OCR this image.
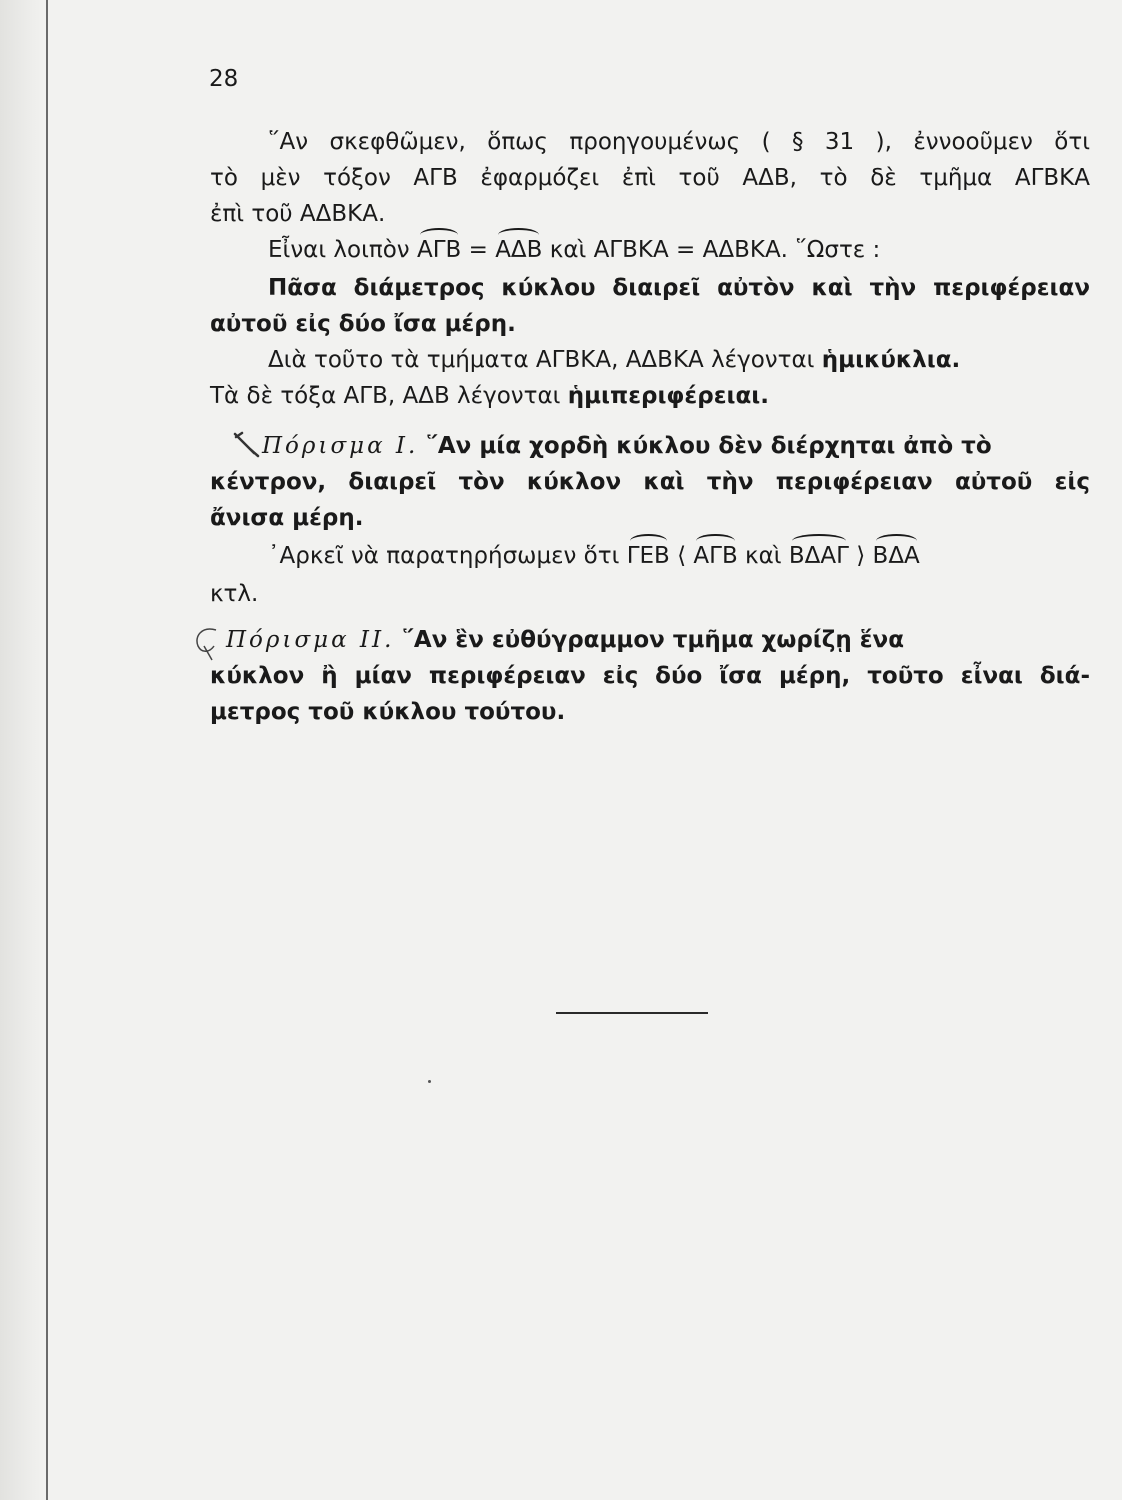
28
῞Αν σκεφθῶμεν, ὅπως προηγουμένως ( § 31 ), ἐννοοῦμεν ὅτι
τὸ μὲν τόξον ΑΓΒ ἐφαρμόζει ἐπὶ τοῦ ΑΔΒ, τὸ δὲ τμῆμα ΑΓΒΚΑ
ἐπὶ τοῦ ΑΔΒΚΑ.
Εἶναι λοιπὸν ΑΓΒ = ΑΔΒ καὶ ΑΓΒΚΑ = ΑΔΒΚΑ. ῞Ωστε :
Πᾶσα διάμετρος κύκλου διαιρεῖ αὐτὸν καὶ τὴν περιφέρειαν
αὐτοῦ εἰς δύο ἴσα μέρη.
Διὰ τοῦτο τὰ τμήματα ΑΓΒΚΑ, ΑΔΒΚΑ λέγονται ἡμικύκλια.
Τὰ δὲ τόξα ΑΓΒ, ΑΔΒ λέγονται ἡμιπεριφέρειαι.
Πόρισμα Ι. ῞Αν μία χορδὴ κύκλου δὲν διέρχηται ἀπὸ τὸ
κέντρον, διαιρεῖ τὸν κύκλον καὶ τὴν περιφέρειαν αὐτοῦ εἰς
ἄνισα μέρη.
᾿Αρκεῖ νὰ παρατηρήσωμεν ὅτι ΓΕΒ ⟨ ΑΓΒ καὶ ΒΔΑΓ ⟩ ΒΔΑ
κτλ.
Πόρισμα ΙΙ. ῞Αν ἓν εὐθύγραμμον τμῆμα χωρίζῃ ἕνα
κύκλον ἢ μίαν περιφέρειαν εἰς δύο ἴσα μέρη, τοῦτο εἶναι διά-
μετρος τοῦ κύκλου τούτου.
